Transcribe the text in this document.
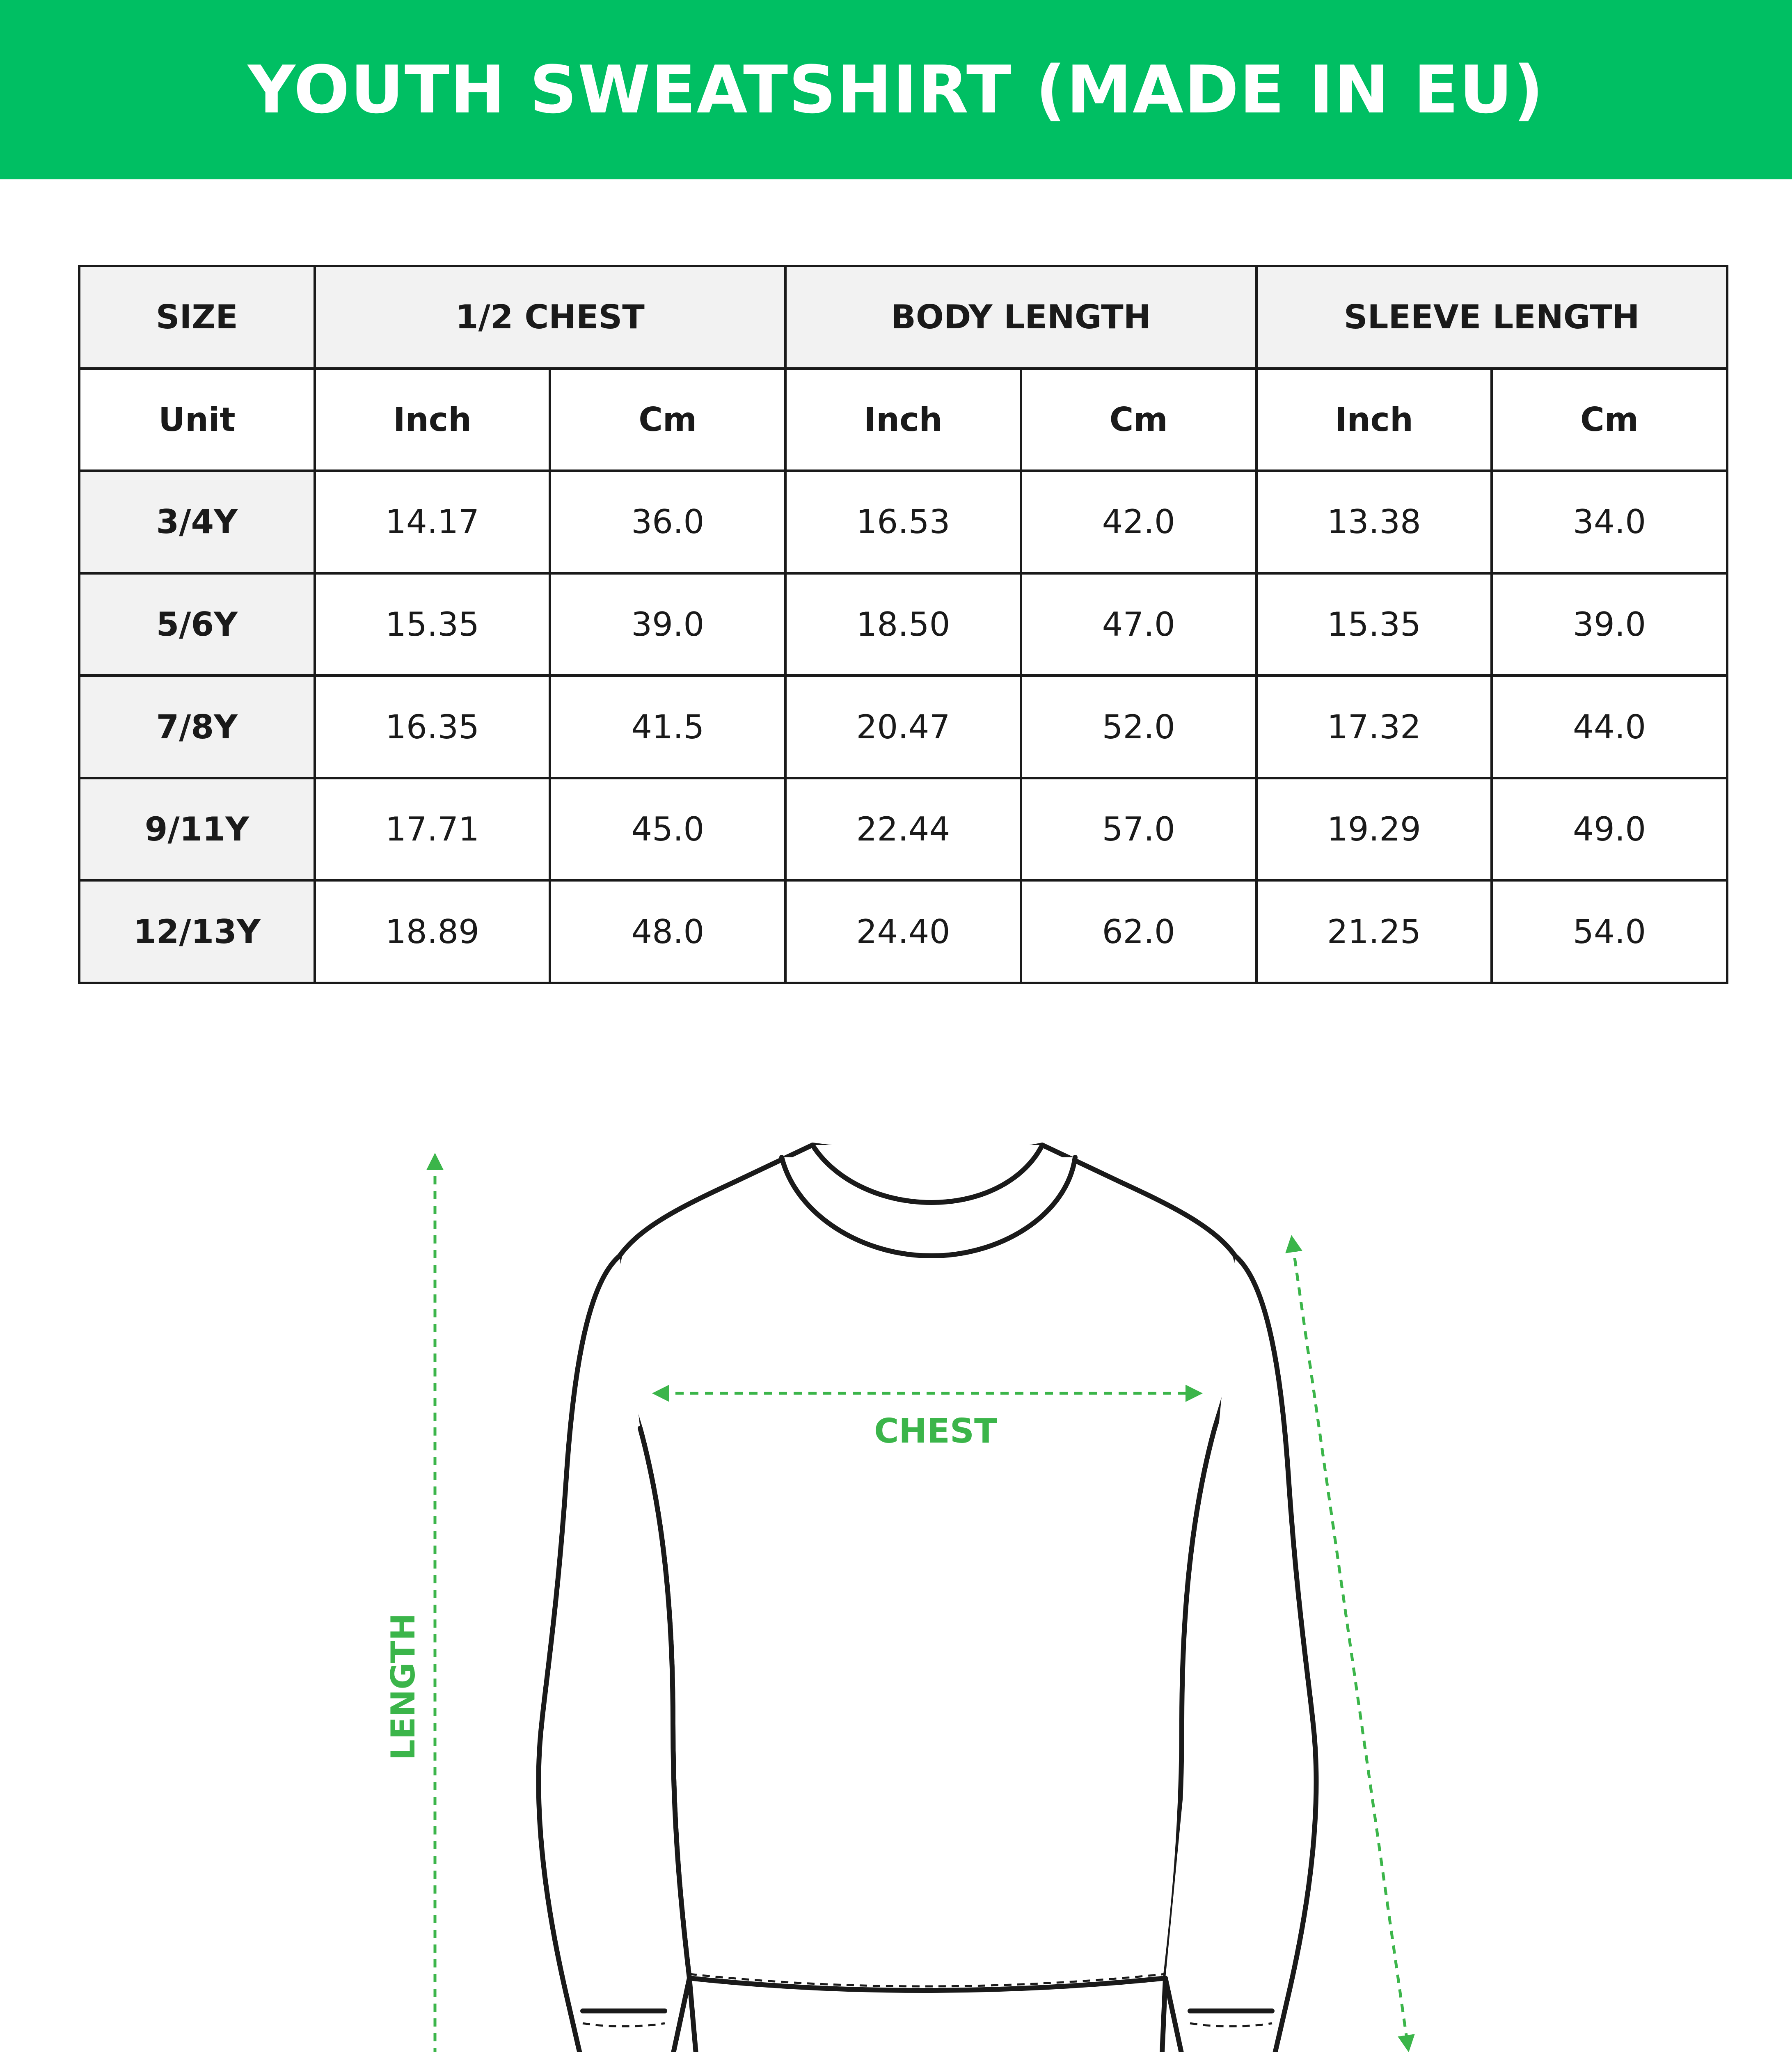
YOUTH SWEATSHIRT (MADE IN EU)
SIZE	1/2 CHEST		BODY LENGTH		SLEEVE LENGTH	
Unit	Inch	Cm	Inch	Cm	Inch	Cm
3/4Y	14.17	36.0	16.53	42.0	13.38	34.0
5/6Y	15.35	39.0	18.50	47.0	15.35	39.0
7/8Y	16.35	41.5	20.47	52.0	17.32	44.0
9/11Y	17.71	45.0	22.44	57.0	19.29	49.0
12/13Y	18.89	48.0	24.40	62.0	21.25	54.0
LENGTH
CHEST
